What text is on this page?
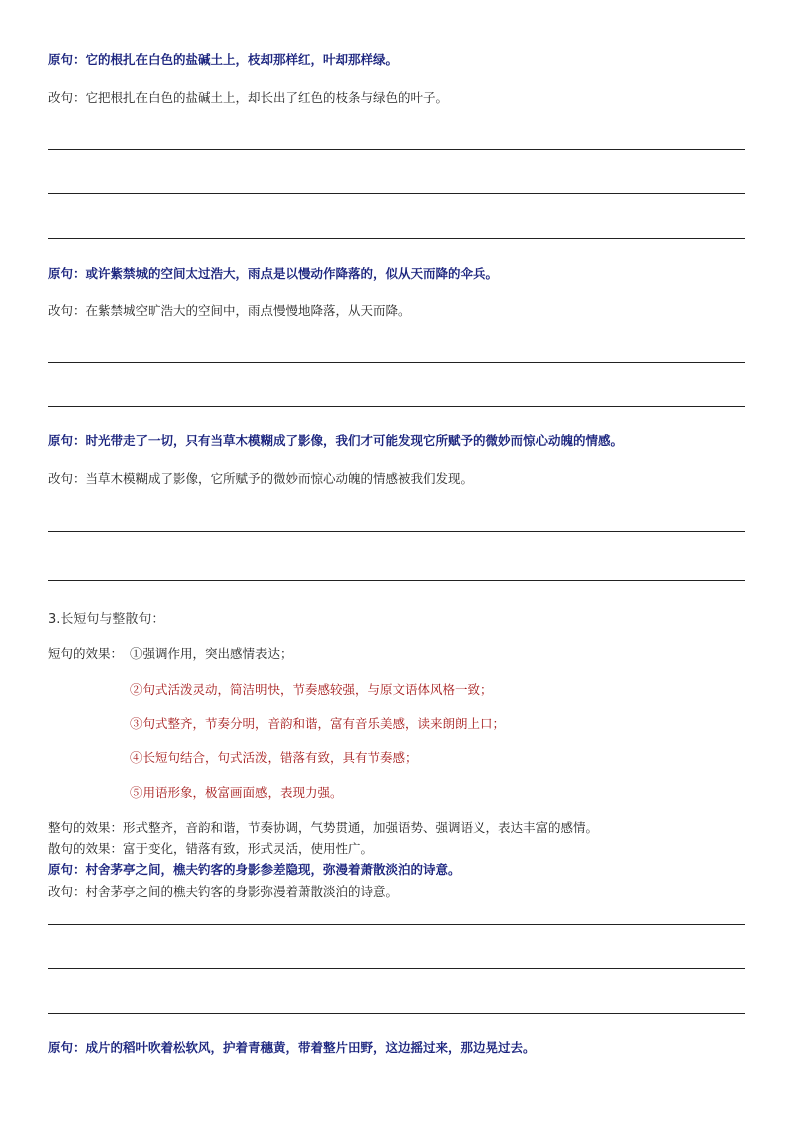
原句：它的根扎在白色的盐碱土上，枝却那样红，叶却那样绿。
改句：它把根扎在白色的盐碱土上，却长出了红色的枝条与绿色的叶子。
原句：或许紫禁城的空间太过浩大，雨点是以慢动作降落的，似从天而降的伞兵。
改句：在紫禁城空旷浩大的空间中，雨点慢慢地降落，从天而降。
原句：时光带走了一切，只有当草木模糊成了影像，我们才可能发现它所赋予的微妙而惊心动魄的情感。
改句：当草木模糊成了影像，它所赋予的微妙而惊心动魄的情感被我们发现。
3.长短句与整散句：
短句的效果： ①强调作用，突出感情表达；
②句式活泼灵动，简洁明快，节奏感较强，与原文语体风格一致；
③句式整齐，节奏分明，音韵和谐，富有音乐美感，读来朗朗上口；
④长短句结合，句式活泼，错落有致，具有节奏感；
⑤用语形象，极富画面感，表现力强。
整句的效果：形式整齐，音韵和谐，节奏协调，气势贯通，加强语势、强调语义，表达丰富的感情。
散句的效果：富于变化，错落有致，形式灵活，使用性广。
原句：村舍茅亭之间，樵夫钓客的身影参差隐现，弥漫着萧散淡泊的诗意。
改句：村舍茅亭之间的樵夫钓客的身影弥漫着萧散淡泊的诗意。
原句：成片的稻叶吹着松软风，护着青穗黄，带着整片田野，这边摇过来，那边晃过去。
